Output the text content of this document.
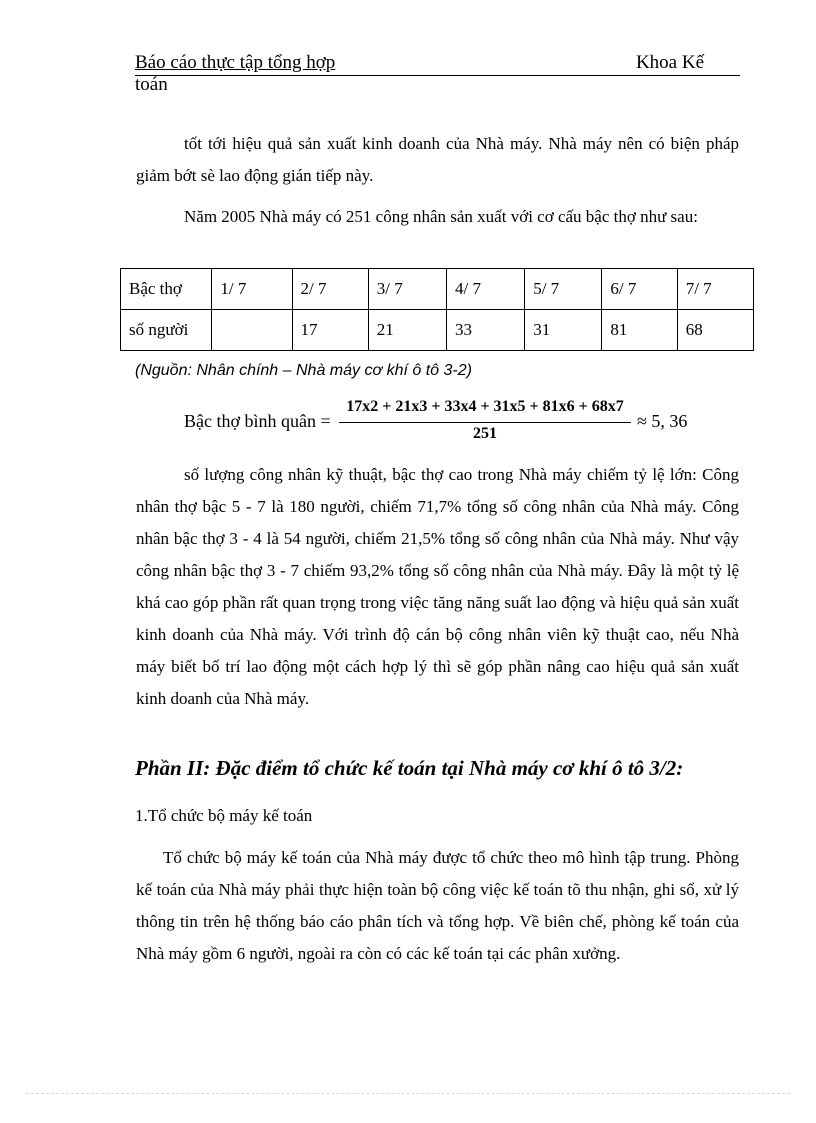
Báo cáo thực tập tổng hợp	Khoa Kế
toán
tốt tới hiệu quả sản xuất kinh doanh của Nhà máy. Nhà máy nên có biện pháp giảm bớt sè lao động gián tiếp này.
Năm 2005 Nhà máy có 251 công nhân sản xuất với cơ cấu bậc thợ như sau:
Bậc thợ	1/ 7	2/ 7	3/ 7	4/ 7	5/ 7	6/ 7	7/ 7
số người		17	21	33	31	81	68
(Nguồn: Nhân chính – Nhà máy cơ khí ô tô 3-2)
Bậc thợ bình quân =
17x2 + 21x3 + 33x4 + 31x5 + 81x6 + 68x7
251
≈ 5, 36
số lượng công nhân kỹ thuật, bậc thợ cao trong Nhà máy chiếm tỷ lệ lớn: Công nhân thợ bậc 5 - 7 là 180 người, chiếm 71,7% tổng số công nhân của Nhà máy. Công nhân bậc thợ 3 - 4 là 54 người, chiếm 21,5% tổng số công nhân của Nhà máy. Như vậy công nhân bậc thợ 3 - 7 chiếm 93,2% tổng số công nhân của Nhà máy. Đây là một tỷ lệ khá cao góp phần rất quan trọng trong việc tăng năng suất lao động và hiệu quả sản xuất kinh doanh của Nhà máy. Với trình độ cán bộ công nhân viên kỹ thuật cao, nếu Nhà máy biết bố trí lao động một cách hợp lý thì sẽ góp phần nâng cao hiệu quả sản xuất kinh doanh của Nhà máy.
Phần II: Đặc điểm tổ chức kế toán tại Nhà máy cơ khí ô tô 3/2:
1.Tổ chức bộ máy kế toán
Tổ chức bộ máy kế toán của Nhà máy được tổ chức theo mô hình tập trung. Phòng kế toán của Nhà máy phải thực hiện toàn bộ công việc kế toán tõ thu nhận, ghi sổ, xử lý thông tin trên hệ thống báo cáo phân tích và tổng hợp. Về biên chế, phòng kế toán của Nhà máy gồm 6 người, ngoài ra còn có các kế toán tại các phân xưởng.
